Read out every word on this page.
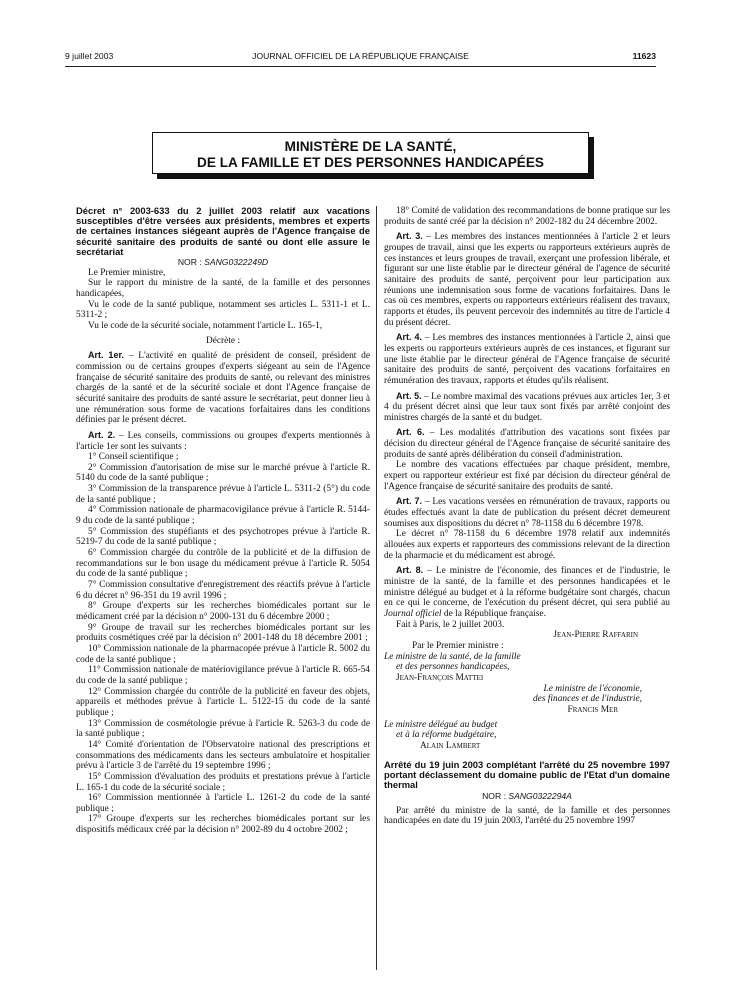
9 juillet 2003	JOURNAL OFFICIEL DE LA RÉPUBLIQUE FRANÇAISE	11623
MINISTÈRE DE LA SANTÉ,
DE LA FAMILLE ET DES PERSONNES HANDICAPÉES

Décret n° 2003-633 du 2 juillet 2003 relatif aux vacations susceptibles d'être versées aux présidents, membres et experts de certaines instances siégeant auprès de l'Agence française de sécurité sanitaire des produits de santé ou dont elle assure le secrétariat

NOR : SANG0322249D

Le Premier ministre,

Sur le rapport du ministre de la santé, de la famille et des personnes handicapées,

Vu le code de la santé publique, notamment ses articles L. 5311-1 et L. 5311-2 ;

Vu le code de la sécurité sociale, notamment l'article L. 165-1,

Décrète :

Art. 1er. – L'activité en qualité de président de conseil, président de commission ou de certains groupes d'experts siégeant au sein de l'Agence française de sécurité sanitaire des produits de santé, ou relevant des ministres chargés de la santé et de la sécurité sociale et dont l'Agence française de sécurité sanitaire des produits de santé assure le secrétariat, peut donner lieu à une rémunération sous forme de vacations forfaitaires dans les conditions définies par le présent décret.

Art. 2. – Les conseils, commissions ou groupes d'experts mentionnés à l'article 1er sont les suivants :

1° Conseil scientifique ;

2° Commission d'autorisation de mise sur le marché prévue à l'article R. 5140 du code de la santé publique ;

3° Commission de la transparence prévue à l'article L. 5311-2 (5°) du code de la santé publique ;

4° Commission nationale de pharmacovigilance prévue à l'article R. 5144-9 du code de la santé publique ;

5° Commission des stupéfiants et des psychotropes prévue à l'article R. 5219-7 du code de la santé publique ;

6° Commission chargée du contrôle de la publicité et de la diffusion de recommandations sur le bon usage du médicament prévue à l'article R. 5054 du code de la santé publique ;

7° Commission consultative d'enregistrement des réactifs prévue à l'article 6 du décret n° 96-351 du 19 avril 1996 ;

8° Groupe d'experts sur les recherches biomédicales portant sur le médicament créé par la décision n° 2000-131 du 6 décembre 2000 ;

9° Groupe de travail sur les recherches biomédicales portant sur les produits cosmétiques créé par la décision n° 2001-148 du 18 décembre 2001 ;

10° Commission nationale de la pharmacopée prévue à l'article R. 5002 du code de la santé publique ;

11° Commission nationale de matériovigilance prévue à l'article R. 665-54 du code de la santé publique ;

12° Commission chargée du contrôle de la publicité en faveur des objets, appareils et méthodes prévue à l'article L. 5122-15 du code de la santé publique ;

13° Commission de cosmétologie prévue à l'article R. 5263-3 du code de la santé publique ;

14° Comité d'orientation de l'Observatoire national des prescriptions et consommations des médicaments dans les secteurs ambulatoire et hospitalier prévu à l'article 3 de l'arrêté du 19 septembre 1996 ;

15° Commission d'évaluation des produits et prestations prévue à l'article L. 165-1 du code de la sécurité sociale ;

16° Commission mentionnée à l'article L. 1261-2 du code de la santé publique ;

17° Groupe d'experts sur les recherches biomédicales portant sur les dispositifs médicaux créé par la décision n° 2002-89 du 4 octobre 2002 ;

18° Comité de validation des recommandations de bonne pratique sur les produits de santé créé par la décision n° 2002-182 du 24 décembre 2002.

Art. 3. – Les membres des instances mentionnées à l'article 2 et leurs groupes de travail, ainsi que les experts ou rapporteurs extérieurs auprès de ces instances et leurs groupes de travail, exerçant une profession libérale, et figurant sur une liste établie par le directeur général de l'agence de sécurité sanitaire des produits de santé, perçoivent pour leur participation aux réunions une indemnisation sous forme de vacations forfaitaires. Dans le cas où ces membres, experts ou rapporteurs extérieurs réalisent des travaux, rapports et études, ils peuvent percevoir des indemnités au titre de l'article 4 du présent décret.

Art. 4. – Les membres des instances mentionnées à l'article 2, ainsi que les experts ou rapporteurs extérieurs auprès de ces instances, et figurant sur une liste établie par le directeur général de l'Agence française de sécurité sanitaire des produits de santé, perçoivent des vacations forfaitaires en rémunération des travaux, rapports et études qu'ils réalisent.

Art. 5. – Le nombre maximal des vacations prévues aux articles 1er, 3 et 4 du présent décret ainsi que leur taux sont fixés par arrêté conjoint des ministres chargés de la santé et du budget.

Art. 6. – Les modalités d'attribution des vacations sont fixées par décision du directeur général de l'Agence française de sécurité sanitaire des produits de santé après délibération du conseil d'administration.

Le nombre des vacations effectuées par chaque président, membre, expert ou rapporteur extérieur est fixé par décision du directeur général de l'Agence française de sécurité sanitaire des produits de santé.

Art. 7. – Les vacations versées en rémunération de travaux, rapports ou études effectués avant la date de publication du présent décret demeurent soumises aux dispositions du décret n° 78-1158 du 6 décembre 1978.

Le décret n° 78-1158 du 6 décembre 1978 relatif aux indemnités allouées aux experts et rapporteurs des commissions relevant de la direction de la pharmacie et du médicament est abrogé.

Art. 8. – Le ministre de l'économie, des finances et de l'industrie, le ministre de la santé, de la famille et des personnes handicapées et le ministre délégué au budget et à la réforme budgétaire sont chargés, chacun en ce qui le concerne, de l'exécution du présent décret, qui sera publié au Journal officiel de la République française.

Fait à Paris, le 2 juillet 2003.

Jean-Pierre Raffarin

Par le Premier ministre :

Le ministre de la santé, de la famille

et des personnes handicapées,

Jean-François Mattei

Le ministre de l'économie,

des finances et de l'industrie,

Francis Mer

Le ministre délégué au budget

et à la réforme budgétaire,

Alain Lambert

Arrêté du 19 juin 2003 complétant l'arrêté du 25 novembre 1997 portant déclassement du domaine public de l'Etat d'un domaine thermal

NOR : SANG0322294A

Par arrêté du ministre de la santé, de la famille et des personnes handicapées en date du 19 juin 2003, l'arrêté du 25 novembre 1997
